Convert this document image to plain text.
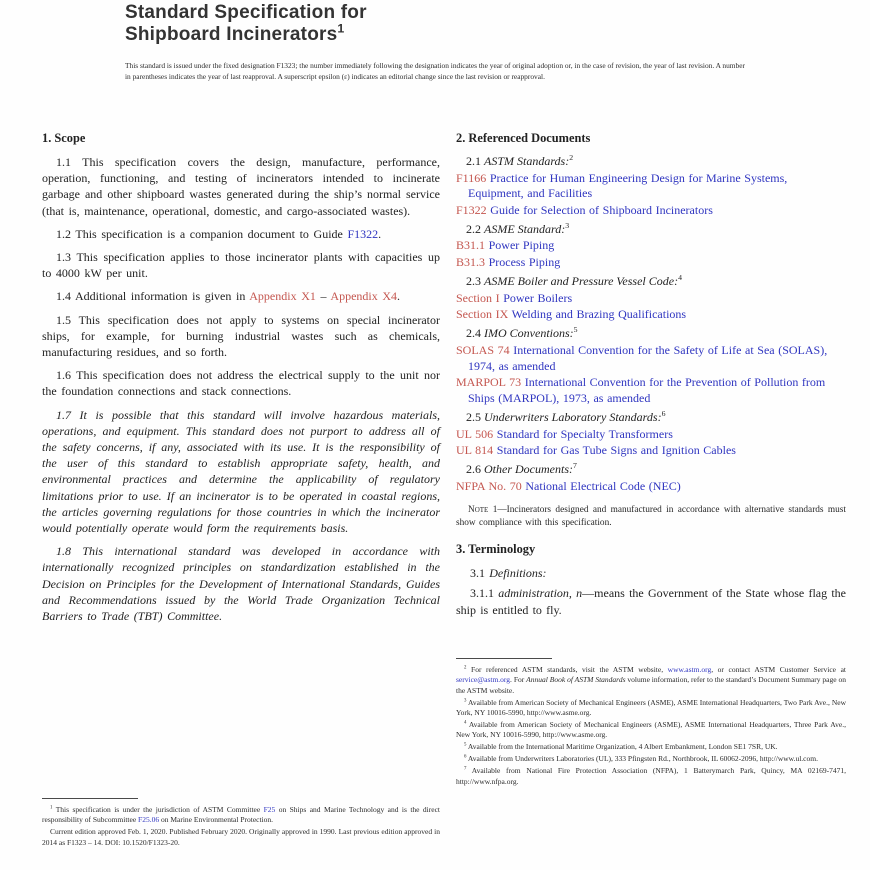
Standard Specification for
Shipboard Incinerators$^1$
This standard is issued under the fixed designation F1323; the number immediately following the designation indicates the year of original adoption or, in the case of revision, the year of last revision. A number in parentheses indicates the year of last reapproval. A superscript epsilon (ε) indicates an editorial change since the last revision or reapproval.
1. Scope

1.1 This specification covers the design, manufacture, performance, operation, functioning, and testing of incinerators intended to incinerate garbage and other shipboard wastes generated during the ship’s normal service (that is, maintenance, operational, domestic, and cargo-associated wastes).

1.2 This specification is a companion document to Guide F1322.

1.3 This specification applies to those incinerator plants with capacities up to 4000 kW per unit.

1.4 Additional information is given in Appendix X1 – Appendix X4.

1.5 This specification does not apply to systems on special incinerator ships, for example, for burning industrial wastes such as chemicals, manufacturing residues, and so forth.

1.6 This specification does not address the electrical supply to the unit nor the foundation connections and stack connections.

1.7 It is possible that this standard will involve hazardous materials, operations, and equipment. This standard does not purport to address all of the safety concerns, if any, associated with its use. It is the responsibility of the user of this standard to establish appropriate safety, health, and environmental practices and determine the applicability of regulatory limitations prior to use. If an incinerator is to be operated in coastal regions, the articles governing regulations for those countries in which the incinerator would potentially operate would form the requirements basis.

1.8 This international standard was developed in accordance with internationally recognized principles on standardization established in the Decision on Principles for the Development of International Standards, Guides and Recommendations issued by the World Trade Organization Technical Barriers to Trade (TBT) Committee.

2. Referenced Documents
2.1 ASTM Standards:$^2$
F1166 Practice for Human Engineering Design for Marine Systems, Equipment, and Facilities
F1322 Guide for Selection of Shipboard Incinerators
2.2 ASME Standard:$^3$
B31.1 Power Piping
B31.3 Process Piping
2.3 ASME Boiler and Pressure Vessel Code:$^4$
Section I Power Boilers
Section IX Welding and Brazing Qualifications
2.4 IMO Conventions:$^5$
SOLAS 74 International Convention for the Safety of Life at Sea (SOLAS), 1974, as amended
MARPOL 73 International Convention for the Prevention of Pollution from Ships (MARPOL), 1973, as amended
2.5 Underwriters Laboratory Standards:$^6$
UL 506 Standard for Specialty Transformers
UL 814 Standard for Gas Tube Signs and Ignition Cables
2.6 Other Documents:$^7$
NFPA No. 70 National Electrical Code (NEC)

Note 1—Incinerators designed and manufactured in accordance with alternative standards must show compliance with this specification.

3. Terminology

3.1 Definitions:

3.1.1 administration, n—means the Government of the State whose flag the ship is entitled to fly.

$^1$ This specification is under the jurisdiction of ASTM Committee F25 on Ships and Marine Technology and is the direct responsibility of Subcommittee F25.06 on Marine Environmental Protection.

Current edition approved Feb. 1, 2020. Published February 2020. Originally approved in 1990. Last previous edition approved in 2014 as F1323 – 14. DOI: 10.1520/F1323-20.

$^2$ For referenced ASTM standards, visit the ASTM website, www.astm.org, or contact ASTM Customer Service at service@astm.org. For Annual Book of ASTM Standards volume information, refer to the standard’s Document Summary page on the ASTM website.

$^3$ Available from American Society of Mechanical Engineers (ASME), ASME International Headquarters, Two Park Ave., New York, NY 10016-5990, http://www.asme.org.

$^4$ Available from American Society of Mechanical Engineers (ASME), ASME International Headquarters, Three Park Ave., New York, NY 10016-5990, http://www.asme.org.

$^5$ Available from the International Maritime Organization, 4 Albert Embankment, London SE1 7SR, UK.

$^6$ Available from Underwriters Laboratories (UL), 333 Pfingsten Rd., Northbrook, IL 60062-2096, http://www.ul.com.

$^7$ Available from National Fire Protection Association (NFPA), 1 Batterymarch Park, Quincy, MA 02169-7471, http://www.nfpa.org.
